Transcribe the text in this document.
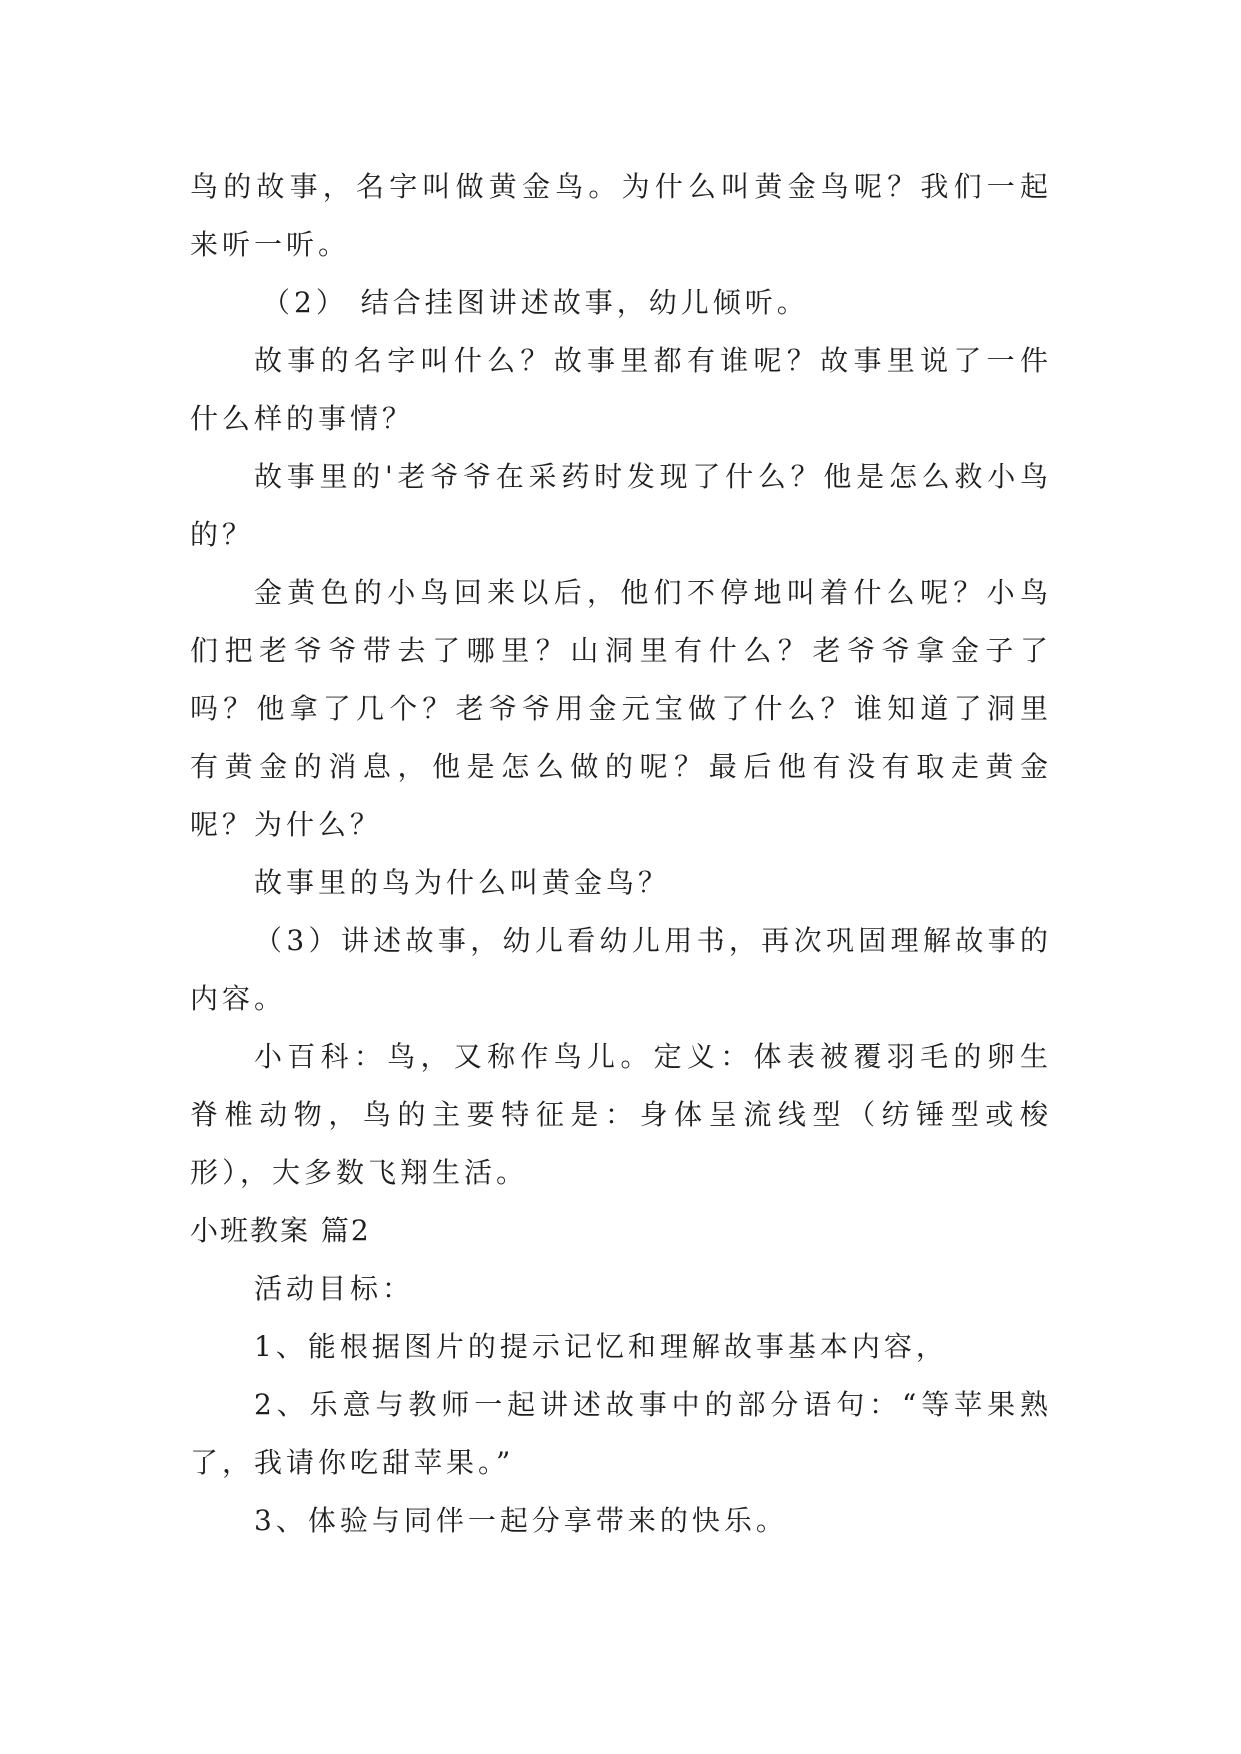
鸟的故事，名字叫做黄金鸟。为什么叫黄金鸟呢？我们一起来听一听。

（2） 结合挂图讲述故事，幼儿倾听。

故事的名字叫什么？故事里都有谁呢？故事里说了一件什么样的事情？

故事里的'老爷爷在采药时发现了什么？他是怎么救小鸟的？

金黄色的小鸟回来以后，他们不停地叫着什么呢？小鸟们把老爷爷带去了哪里？山洞里有什么？老爷爷拿金子了吗？他拿了几个？老爷爷用金元宝做了什么？谁知道了洞里有黄金的消息，他是怎么做的呢？最后他有没有取走黄金呢？为什么？

故事里的鸟为什么叫黄金鸟？

（3）讲述故事，幼儿看幼儿用书，再次巩固理解故事的内容。

小百科：鸟，又称作鸟儿。定义：体表被覆羽毛的卵生脊椎动物，鸟的主要特征是：身体呈流线型（纺锤型或梭形），大多数飞翔生活。

小班教案 篇2

活动目标：

1、能根据图片的提示记忆和理解故事基本内容，

2、乐意与教师一起讲述故事中的部分语句：“等苹果熟了，我请你吃甜苹果。”

3、体验与同伴一起分享带来的快乐。
